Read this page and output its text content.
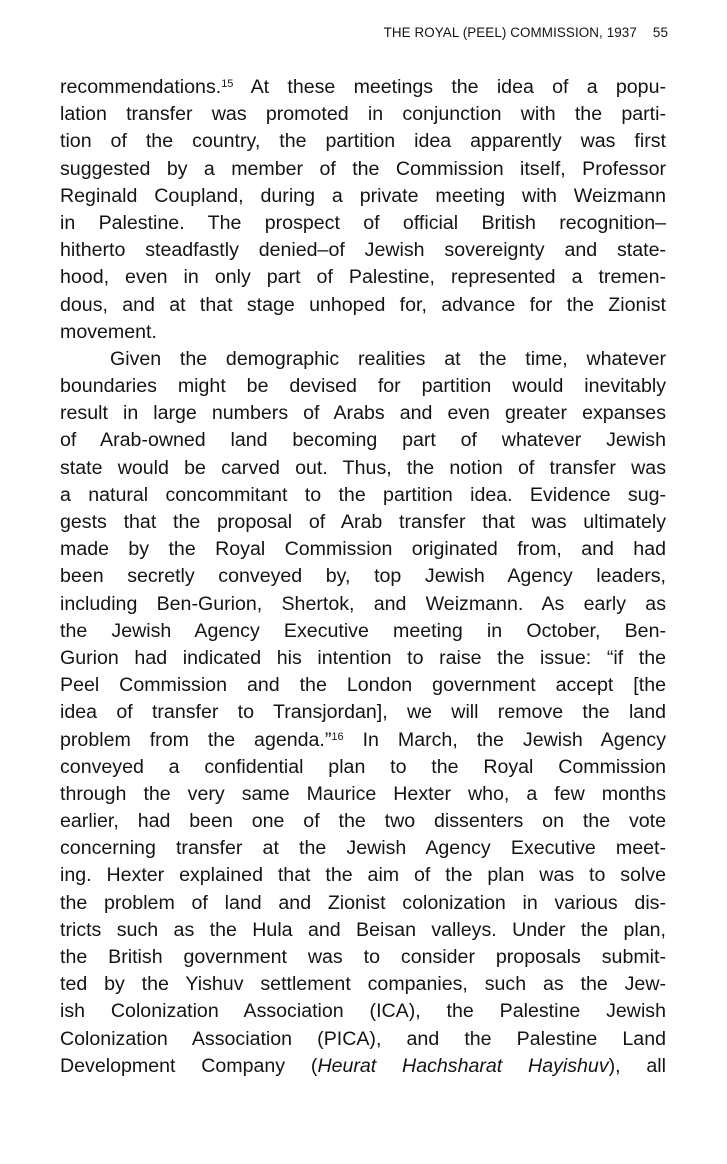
THE ROYAL (PEEL) COMMISSION, 1937 55
recommendations.$^{15}$ At these meetings the idea of a popu-
lation transfer was promoted in conjunction with the parti-
tion of the country, the partition idea apparently was first
suggested by a member of the Commission itself, Professor
Reginald Coupland, during a private meeting with Weizmann
in Palestine. The prospect of official British recognition–
hitherto steadfastly denied–of Jewish sovereignty and state-
hood, even in only part of Palestine, represented a tremen-
dous, and at that stage unhoped for, advance for the Zionist
movement.
Given the demographic realities at the time, whatever
boundaries might be devised for partition would inevitably
result in large numbers of Arabs and even greater expanses
of Arab-owned land becoming part of whatever Jewish
state would be carved out. Thus, the notion of transfer was
a natural concommitant to the partition idea. Evidence sug-
gests that the proposal of Arab transfer that was ultimately
made by the Royal Commission originated from, and had
been secretly conveyed by, top Jewish Agency leaders,
including Ben-Gurion, Shertok, and Weizmann. As early as
the Jewish Agency Executive meeting in October, Ben-
Gurion had indicated his intention to raise the issue: “if the
Peel Commission and the London government accept [the
idea of transfer to Transjordan], we will remove the land
problem from the agenda.”$^{16}$ In March, the Jewish Agency
conveyed a confidential plan to the Royal Commission
through the very same Maurice Hexter who, a few months
earlier, had been one of the two dissenters on the vote
concerning transfer at the Jewish Agency Executive meet-
ing. Hexter explained that the aim of the plan was to solve
the problem of land and Zionist colonization in various dis-
tricts such as the Hula and Beisan valleys. Under the plan,
the British government was to consider proposals submit-
ted by the Yishuv settlement companies, such as the Jew-
ish Colonization Association (ICA), the Palestine Jewish
Colonization Association (PICA), and the Palestine Land
Development Company (Heurat Hachsharat Hayishuv), all
